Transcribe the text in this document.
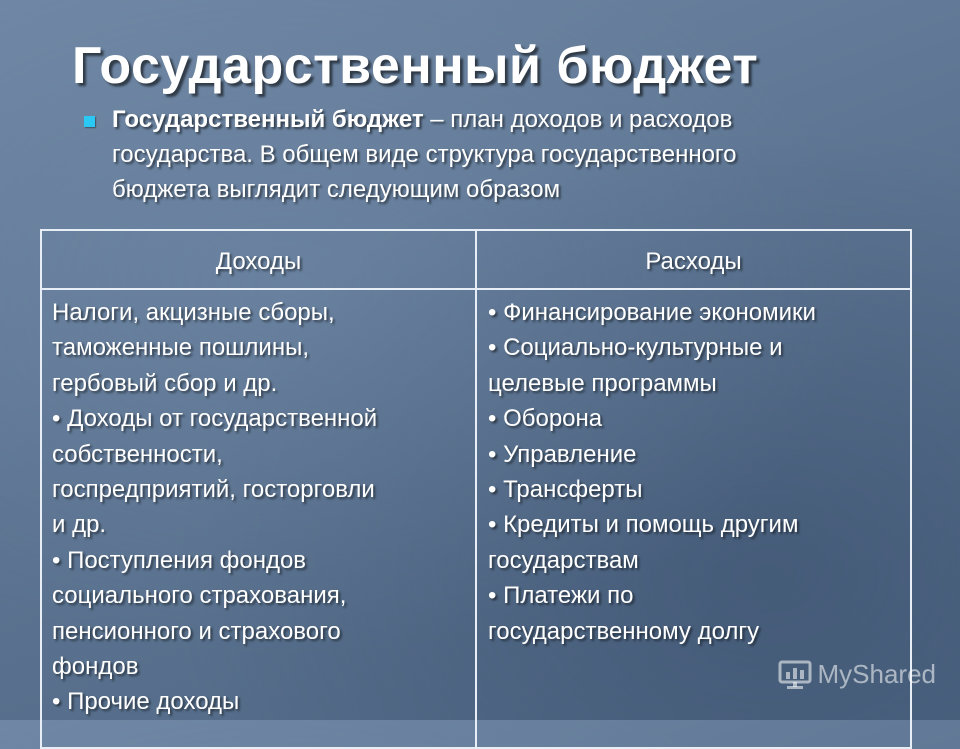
Государственный бюджет
Государственный бюджет – план доходов и расходов
государства. В общем виде структура государственного
бюджета выглядит следующим образом
Доходы	Расходы
Налоги, акцизные сборы,
таможенные пошлины,
гербовый сбор и др.
• Доходы от государственной
собственности,
госпредприятий, госторговли
и др.
• Поступления фондов
социального страхования,
пенсионного и страхового
фондов
• Прочие доходы
• Финансирование экономики
• Социально-культурные и
целевые программы
• Оборона
• Управление
• Трансферты
• Кредиты и помощь другим
государствам
• Платежи по
государственному долгу
MyShared
